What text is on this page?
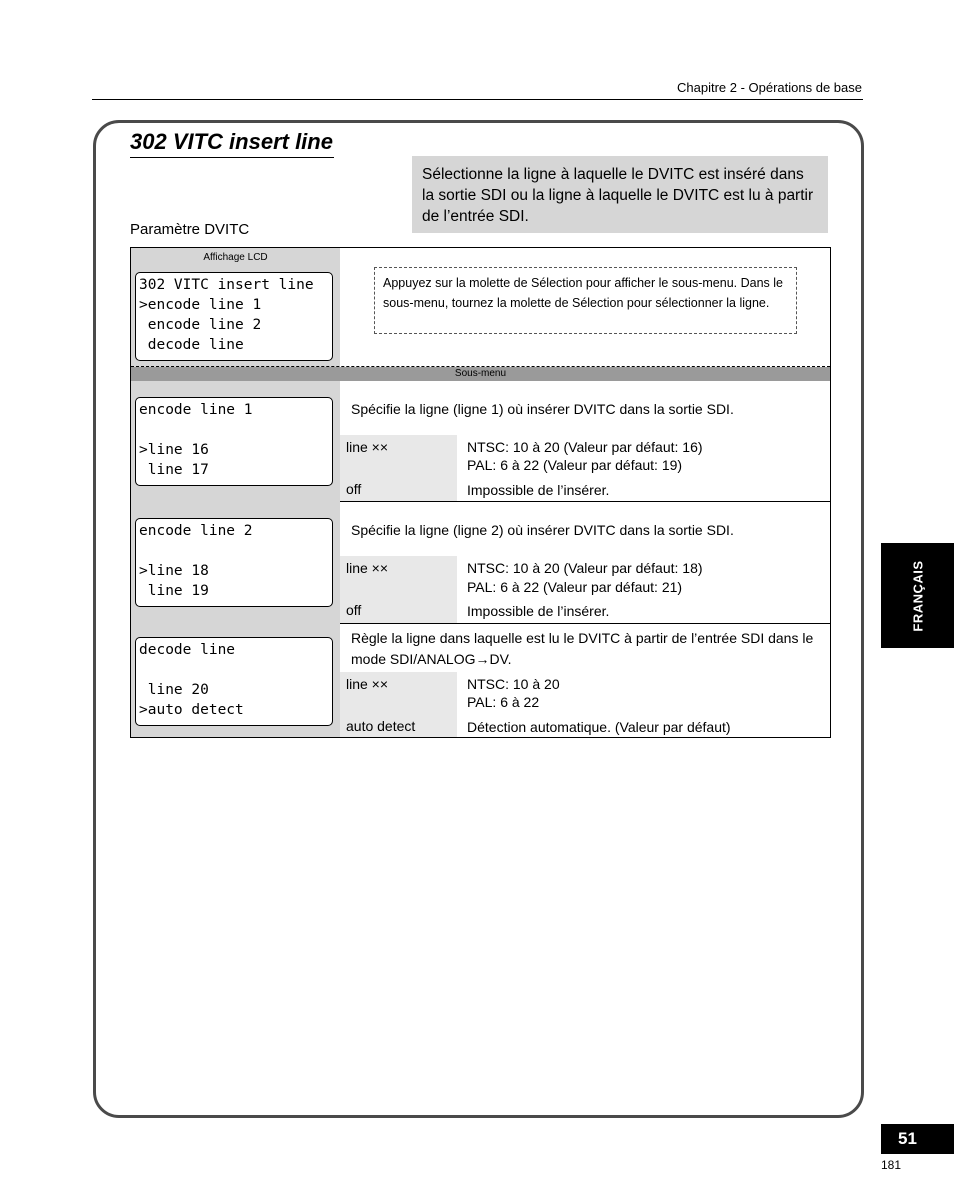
Chapitre 2 - Opérations de base
302 VITC insert line
Sélectionne la ligne à laquelle le DVITC est inséré dans la sortie SDI ou la ligne à laquelle le DVITC est lu à partir de l’entrée SDI.
Paramètre DVITC
Affichage LCD
302 VITC insert line
>encode line 1
encode line 2
decode line
Appuyez sur la molette de Sélection pour afficher le sous-menu. Dans le sous-menu, tournez la molette de Sélection pour sélectionner la ligne.
Sous-menu
encode line 1
>line 16
line 17
Spécifie la ligne (ligne 1) où insérer DVITC dans la sortie SDI.
line ××	NTSC: 10 à 20 (Valeur par défaut: 16)
PAL: 6 à 22 (Valeur par défaut: 19)
off	Impossible de l’insérer.
encode line 2
>line 18
line 19
Spécifie la ligne (ligne 2) où insérer DVITC dans la sortie SDI.
line ××	NTSC: 10 à 20 (Valeur par défaut: 18)
PAL: 6 à 22 (Valeur par défaut: 21)
off	Impossible de l’insérer.
decode line
line 20
>auto detect
Règle la ligne dans laquelle est lu le DVITC à partir de l’entrée SDI dans le mode SDI/ANALOG→DV.
line ××	NTSC: 10 à 20
PAL: 6 à 22
auto detect	Détection automatique. (Valeur par défaut)
FRANÇAIS
51
181
